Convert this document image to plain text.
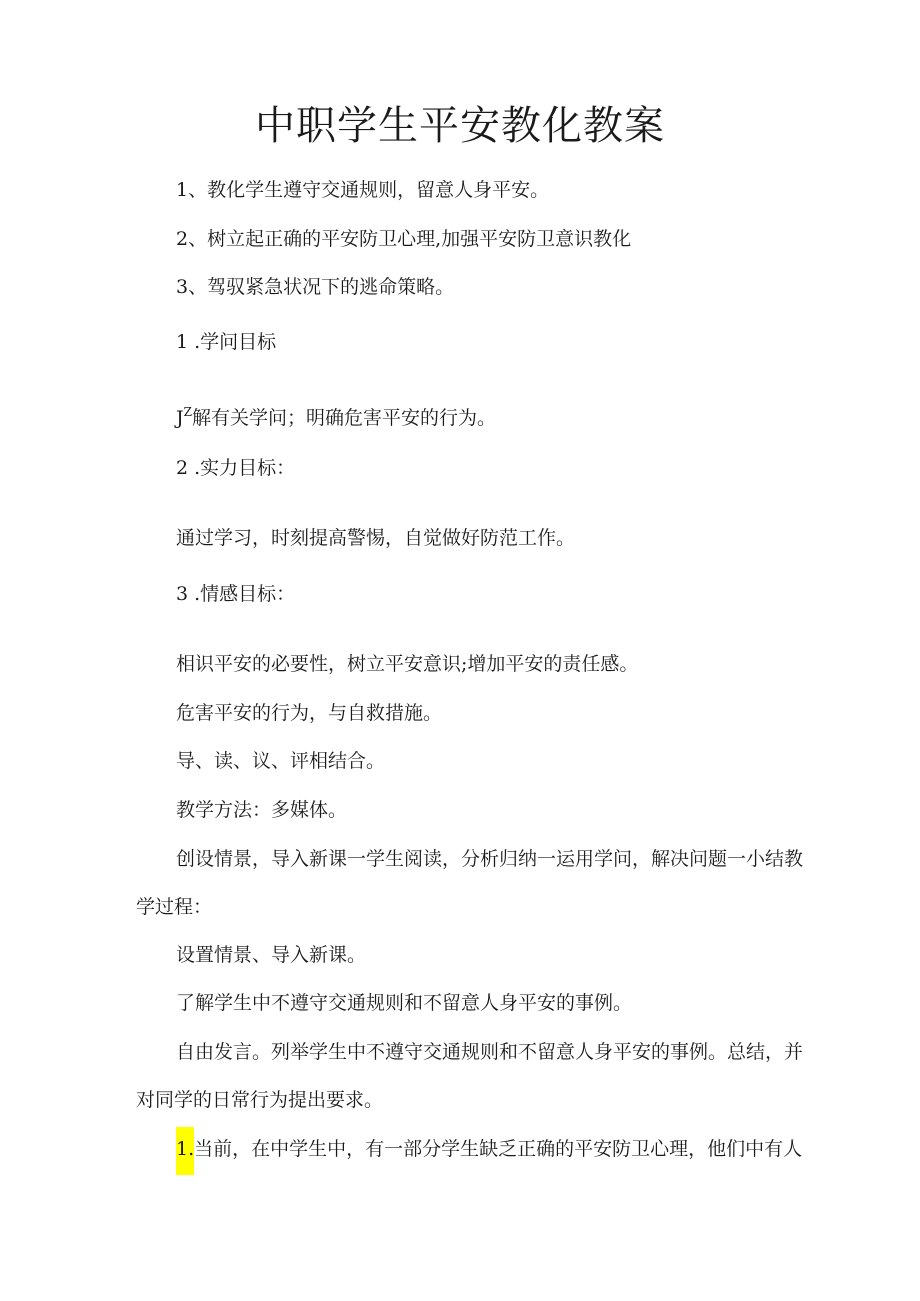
中职学生平安教化教案
1、教化学生遵守交通规则，留意人身平安。
2、树立起正确的平安防卫心理,加强平安防卫意识教化
3、驾驭紧急状况下的逃命策略。
1 .学问目标
$J^Z$解有关学问；明确危害平安的行为。
2 .实力目标：
通过学习，时刻提高警惕，自觉做好防范工作。
3 .情感目标：
相识平安的必要性，树立平安意识;增加平安的责任感。
危害平安的行为，与自救措施。
导、读、议、评相结合。
教学方法：多媒体。
创设情景，导入新课一学生阅读，分析归纳一运用学问，解决问题一小结教
学过程：
设置情景、导入新课。
了解学生中不遵守交通规则和不留意人身平安的事例。
自由发言。列举学生中不遵守交通规则和不留意人身平安的事例。总结，并
对同学的日常行为提出要求。
1.当前，在中学生中，有一部分学生缺乏正确的平安防卫心理，他们中有人
